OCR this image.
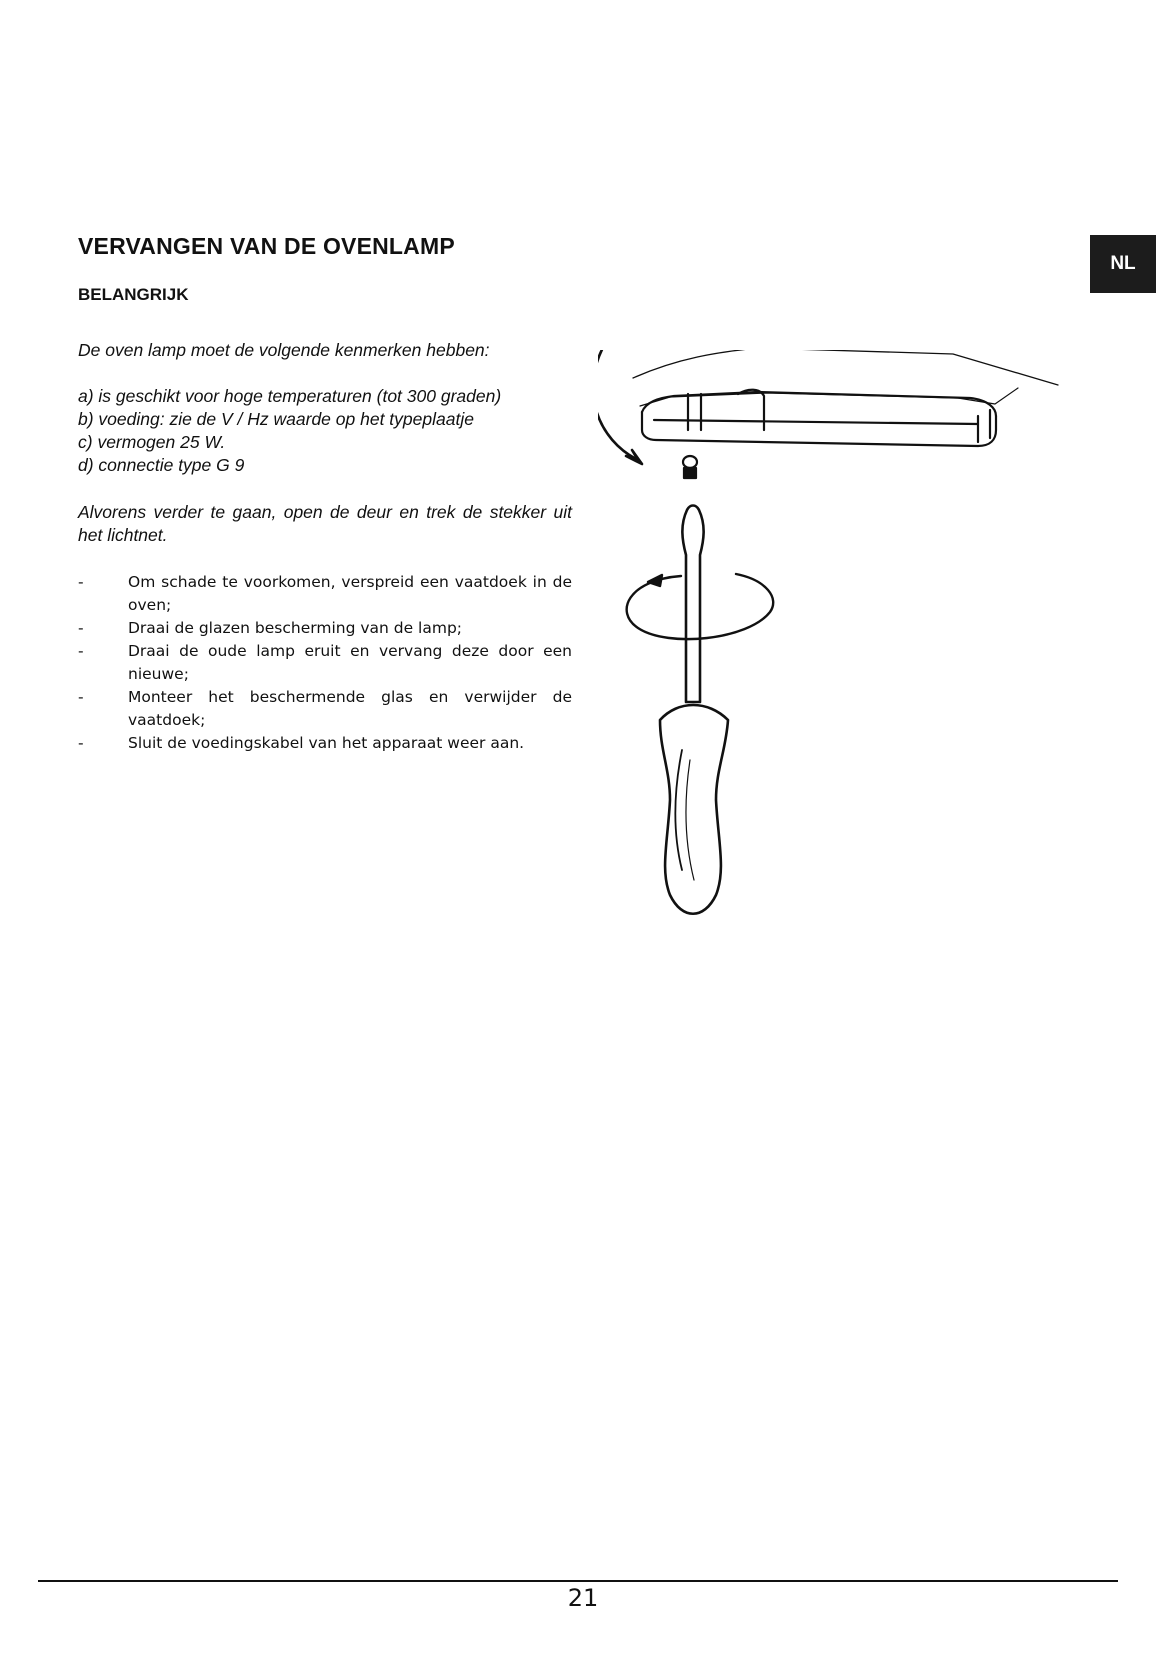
NL
VERVANGEN VAN DE OVENLAMP
BELANGRIJK

De oven lamp moet de volgende kenmerken hebben:

a) is geschikt voor hoge temperaturen (tot 300 graden)
b) voeding: zie de V / Hz waarde op het typeplaatje
c) vermogen 25 W.
d) connectie type G 9

Alvorens verder te gaan, open de deur en trek de stekker uit het lichtnet.

-	Om schade te voorkomen, verspreid een vaatdoek in de oven;
-	Draai de glazen bescherming van de lamp;
-	Draai de oude lamp eruit en vervang deze door een nieuwe;
-	Monteer het beschermende glas en verwijder de vaatdoek;
-	Sluit de voedingskabel van het apparaat weer aan.
21
